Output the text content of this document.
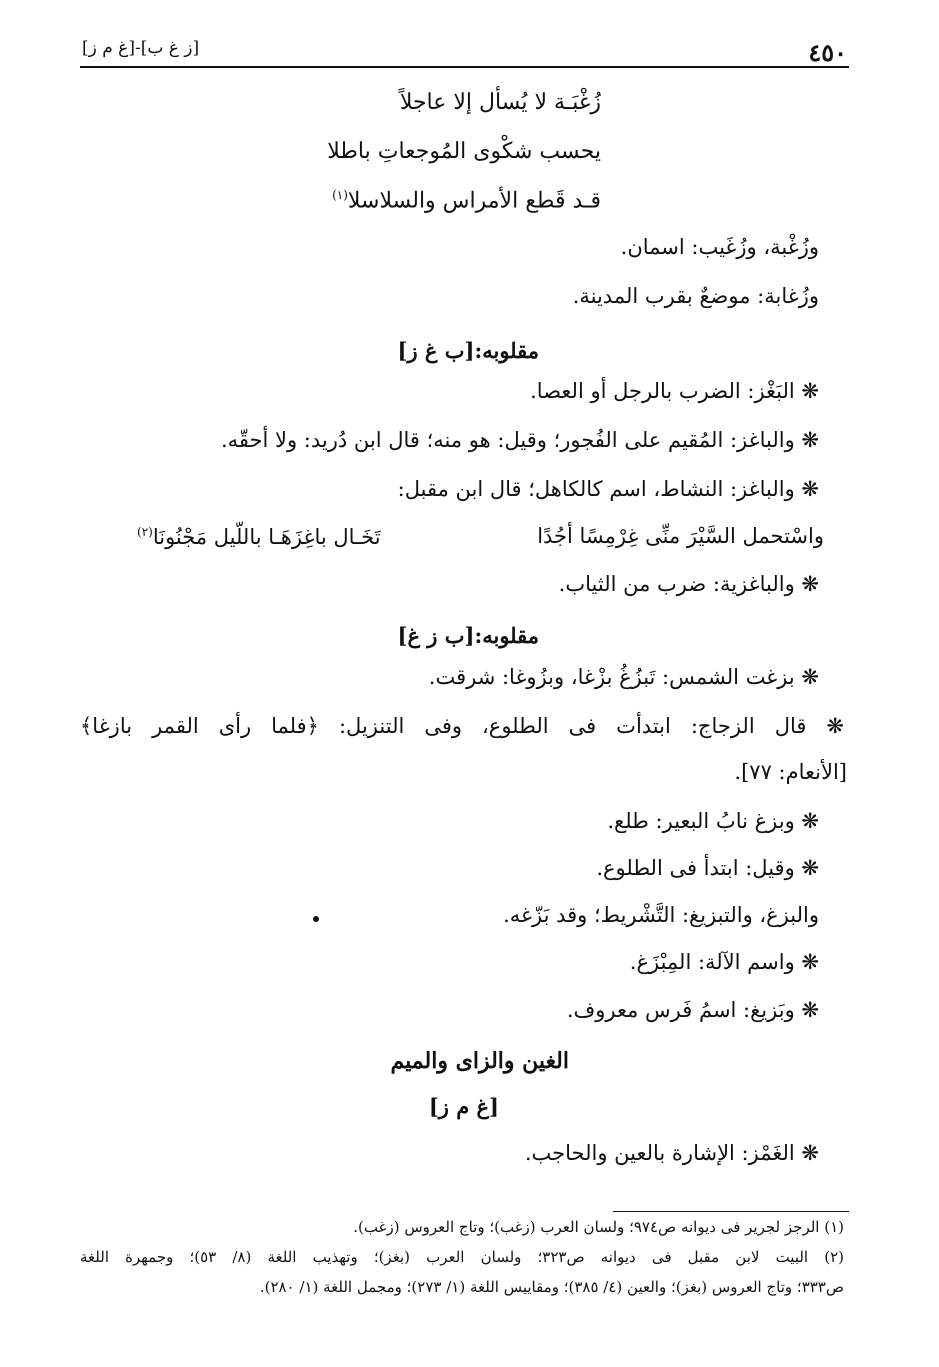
٤٥٠
[ز غ ب]-[غ م ز]
زُغْبَـة لا يُسأل إلا عاجلاً
يحسب شكْوى المُوجعاتِ باطلا
قـد قَطع الأمراس والسلاسلا$^{(١)}$
وزُغْبة، وزُغَيب: اسمان.
وزُغابة: موضعٌ بقرب المدينة.
مقلوبه:[ب غ ز]
❋ البَغْز: الضرب بالرجل أو العصا.
❋ والباغز: المُقيم على الفُجور؛ وقيل: هو منه؛ قال ابن دُريد: ولا أحقّه.
❋ والباغز: النشاط، اسم كالكاهل؛ قال ابن مقبل:
واسْتحمل السَّيْرَ منِّى غِرْمِسًا أجُدًا
تَخَـال باغِزَهَـا باللّيل مَجْنُونَا$^{(٢)}$
❋ والباغزية: ضرب من الثياب.
مقلوبه:[ب ز غ]
❋ بزغت الشمس: تَبزُغُ بزْغا، وبزُوغا: شرقت.
❋ قال الزجاج: ابتدأت فى الطلوع، وفى التنزيل: ﴿فلما رأى القمر بازغا﴾
[الأنعام: ٧٧].
❋ وبزغ نابُ البعير: طلع.
❋ وقيل: ابتدأ فى الطلوع.
والبزغ، والتبزيغ: التَّشْريط؛ وقد بَزّغه.
❋ واسم الآلة: المِبْزَغ.
❋ وبَزيغ: اسمُ فَرس معروف.
الغين والزاى والميم
[غ م ز]
❋ الغَمْز: الإشارة بالعين والحاجب.
(١) الرجز لجرير فى ديوانه ص٩٧٤؛ ولسان العرب (زغب)؛ وتاج العروس (زغب).
(٢) البيت لابن مقبل فى ديوانه ص٣٢٣؛ ولسان العرب (بغز)؛ وتهذيب اللغة (٨/ ٥٣)؛ وجمهرة اللغة
ص٣٣٣؛ وتاج العروس (بغز)؛ والعين (٤/ ٣٨٥)؛ ومقاييس اللغة (١/ ٢٧٣)؛ ومجمل اللغة (١/ ٢٨٠).
